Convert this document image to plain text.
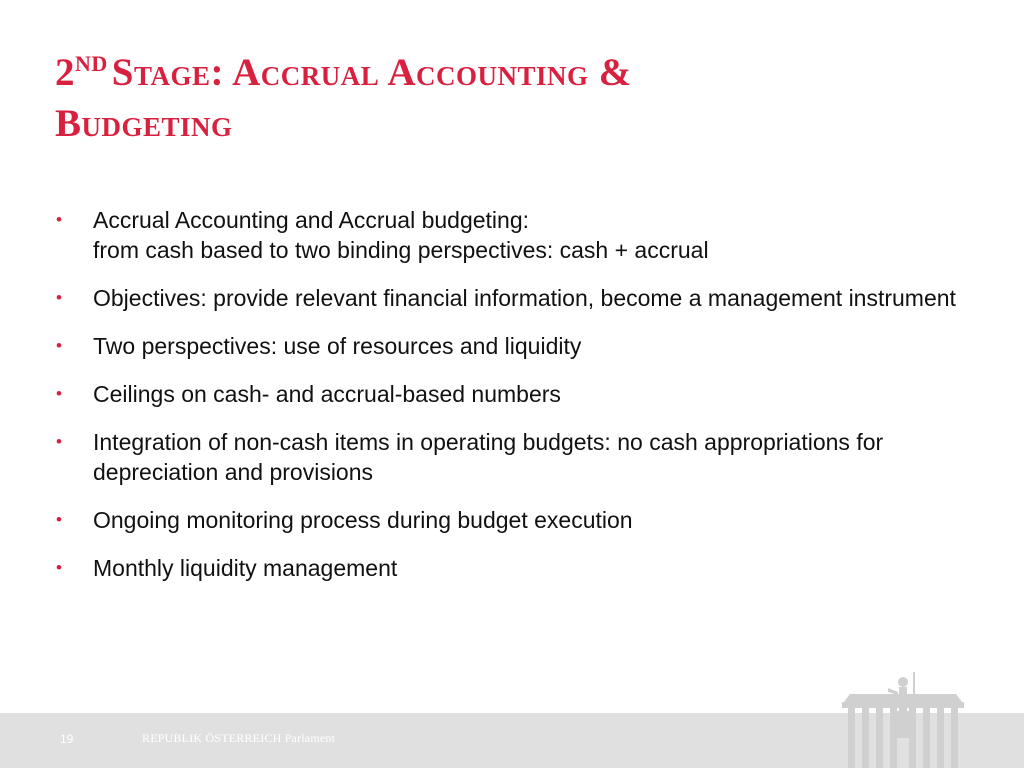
2ND Stage: Accrual Accounting &
Budgeting
• Accrual Accounting and Accrual budgeting:
from cash based to two binding perspectives: cash + accrual
• Objectives: provide relevant financial information, become a management instrument
• Two perspectives: use of resources and liquidity
• Ceilings on cash- and accrual-based numbers
• Integration of non-cash items in operating budgets: no cash appropriations for depreciation and provisions
• Ongoing monitoring process during budget execution
• Monthly liquidity management
19	REPUBLIK ÖSTERREICH Parlament
